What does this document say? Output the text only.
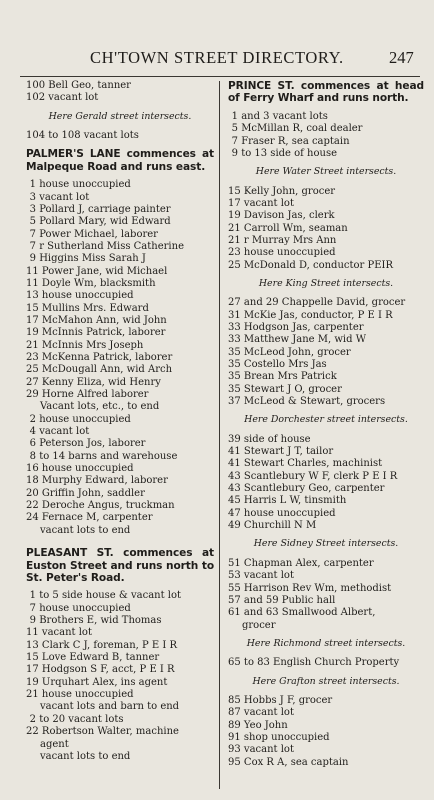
CH'TOWN STREET DIRECTORY.	247
100 Bell Geo, tanner
102 vacant lot
Here Gerald street intersects.
104 to 108 vacant lots
PALMER'S LANE commences at Malpeque Road and runs east.
1 house unoccupied
3 vacant lot
3 Pollard J, carriage painter
5 Pollard Mary, wid Edward
7 Power Michael, laborer
7 r Sutherland Miss Catherine
9 Higgins Miss Sarah J
11 Power Jane, wid Michael
11 Doyle Wm, blacksmith
13 house unoccupied
15 Mullins Mrs. Edward
17 McMahon Ann, wid John
19 McInnis Patrick, laborer
21 McInnis Mrs Joseph
23 McKenna Patrick, laborer
25 McDougall Ann, wid Arch
27 Kenny Eliza, wid Henry
29 Horne Alfred laborer
Vacant lots, etc., to end
2 house unoccupied
4 vacant lot
6 Peterson Jos, laborer
8 to 14 barns and warehouse
16 house unoccupied
18 Murphy Edward, laborer
20 Griffin John, saddler
22 Deroche Angus, truckman
24 Fernace M, carpenter
vacant lots to end
PLEASANT ST. commences at Euston Street and runs north to St. Peter's Road.
1 to 5 side house & vacant lot
7 house unoccupied
9 Brothers E, wid Thomas
11 vacant lot
13 Clark C J, foreman, P E I R
15 Love Edward B, tanner
17 Hodgson S F, acct, P E I R
19 Urquhart Alex, ins agent
21 house unoccupied
vacant lots and barn to end
2 to 20 vacant lots
22 Robertson Walter, machine
agent
vacant lots to end
PRINCE ST. commences at head of Ferry Wharf and runs north.
1 and 3 vacant lots
5 McMillan R, coal dealer
7 Fraser R, sea captain
9 to 13 side of house
Here Water Street intersects.
15 Kelly John, grocer
17 vacant lot
19 Davison Jas, clerk
21 Carroll Wm, seaman
21 r Murray Mrs Ann
23 house unoccupied
25 McDonald D, conductor PEIR
Here King Street intersects.
27 and 29 Chappelle David, grocer
31 McKie Jas, conductor, P E I R
33 Hodgson Jas, carpenter
33 Matthew Jane M, wid W
35 McLeod John, grocer
35 Costello Mrs Jas
35 Brean Mrs Patrick
35 Stewart J O, grocer
37 McLeod & Stewart, grocers
Here Dorchester street intersects.
39 side of house
41 Stewart J T, tailor
41 Stewart Charles, machinist
43 Scantlebury W F, clerk P E I R
43 Scantlebury Geo, carpenter
45 Harris L W, tinsmith
47 house unoccupied
49 Churchill N M
Here Sidney Street intersects.
51 Chapman Alex, carpenter
53 vacant lot
55 Harrison Rev Wm, methodist
57 and 59 Public hall
61 and 63 Smallwood Albert,
grocer
Here Richmond street intersects.
65 to 83 English Church Property
Here Grafton street intersects.
85 Hobbs J F, grocer
87 vacant lot
89 Yeo John
91 shop unoccupied
93 vacant lot
95 Cox R A, sea captain
